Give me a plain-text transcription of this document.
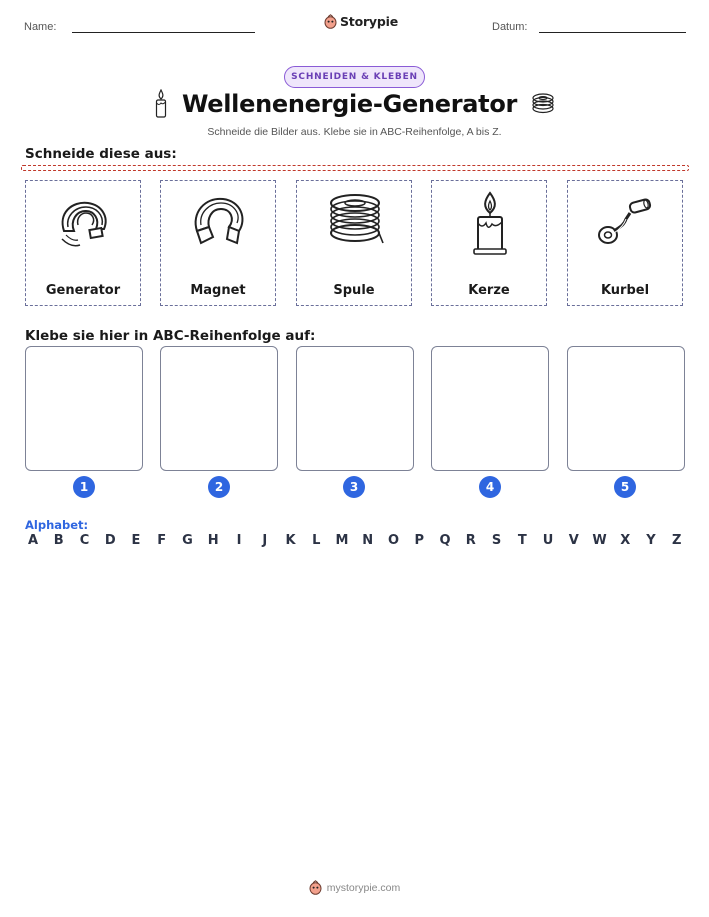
Name:	Storypie	Datum:
SCHNEIDEN & KLEBEN
Wellenenergie-Generator
Schneide die Bilder aus. Klebe sie in ABC-Reihenfolge, A bis Z.
Schneide diese aus:
Generator	Magnet	Spule	Kerze	Kurbel
Klebe sie hier in ABC-Reihenfolge auf:
1	2	3	4	5
Alphabet:
A B C D E F G H	I	J	K L M N O P Q R S T U V W X Y Z
mystorypie.com
